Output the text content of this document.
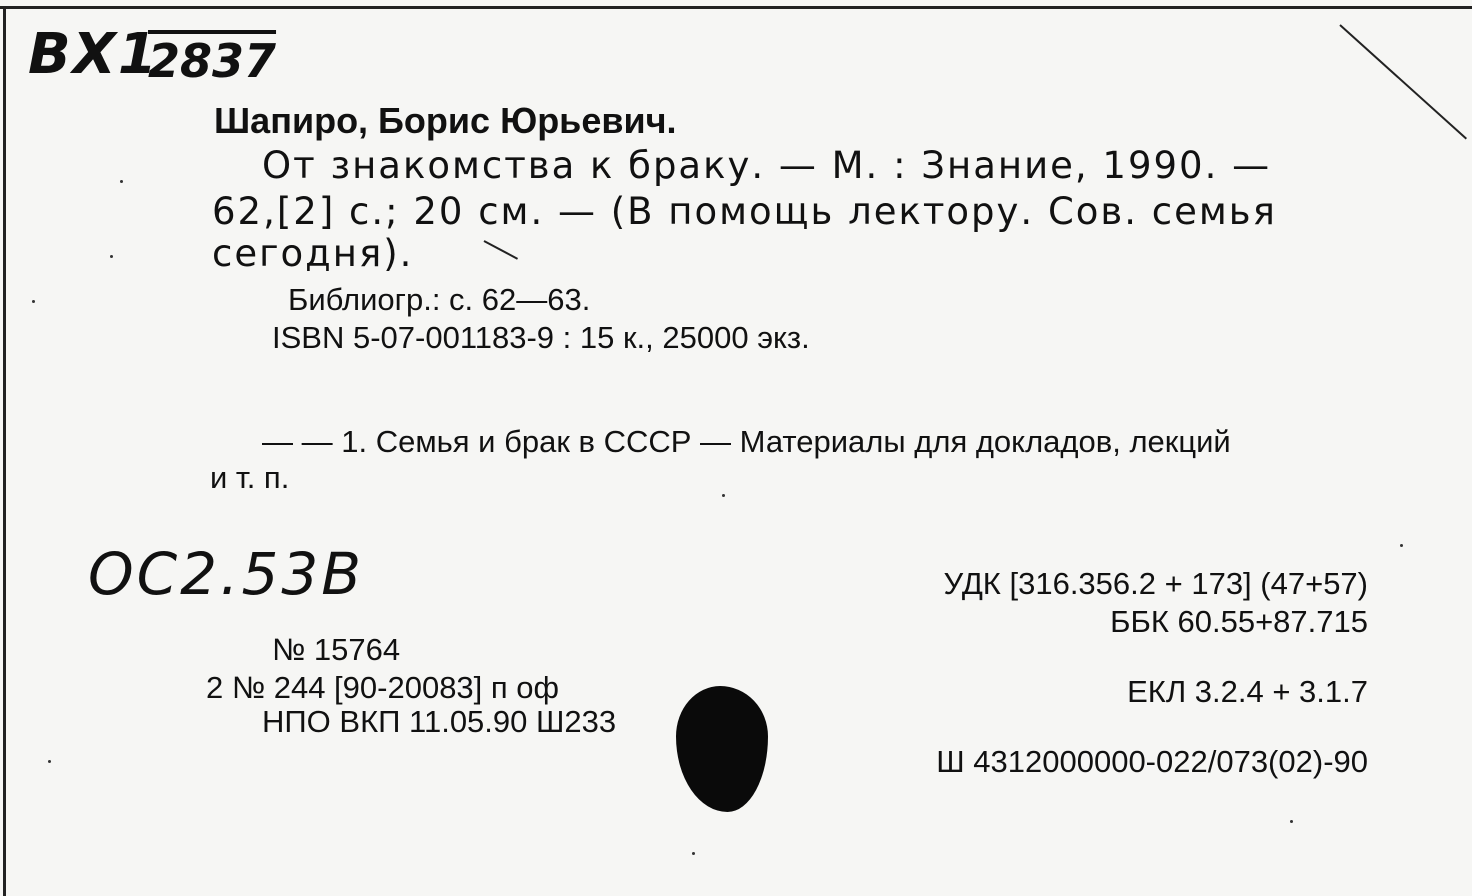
ВХ1
2837
Шапиро, Борис Юрьевич.
От знакомства к браку. — М. : Знание, 1990. —
62,[2] с.; 20 см. — (В помощь лектору. Сов. семья
сегодня).
Библиогр.: с. 62—63.
ISBN 5-07-001183-9 : 15 к., 25000 экз.
— — 1. Семья и брак в СССР — Материалы для докладов, лекций
и т. п.
ОС2.53В	УДК [316.356.2 + 173] (47+57)
ББК 60.55+87.715
ЕКЛ 3.2.4 + 3.1.7
Ш 4312000000-022/073(02)-90
№ 15764
2 № 244 [90-20083] п оф
НПО ВКП 11.05.90 Ш233
